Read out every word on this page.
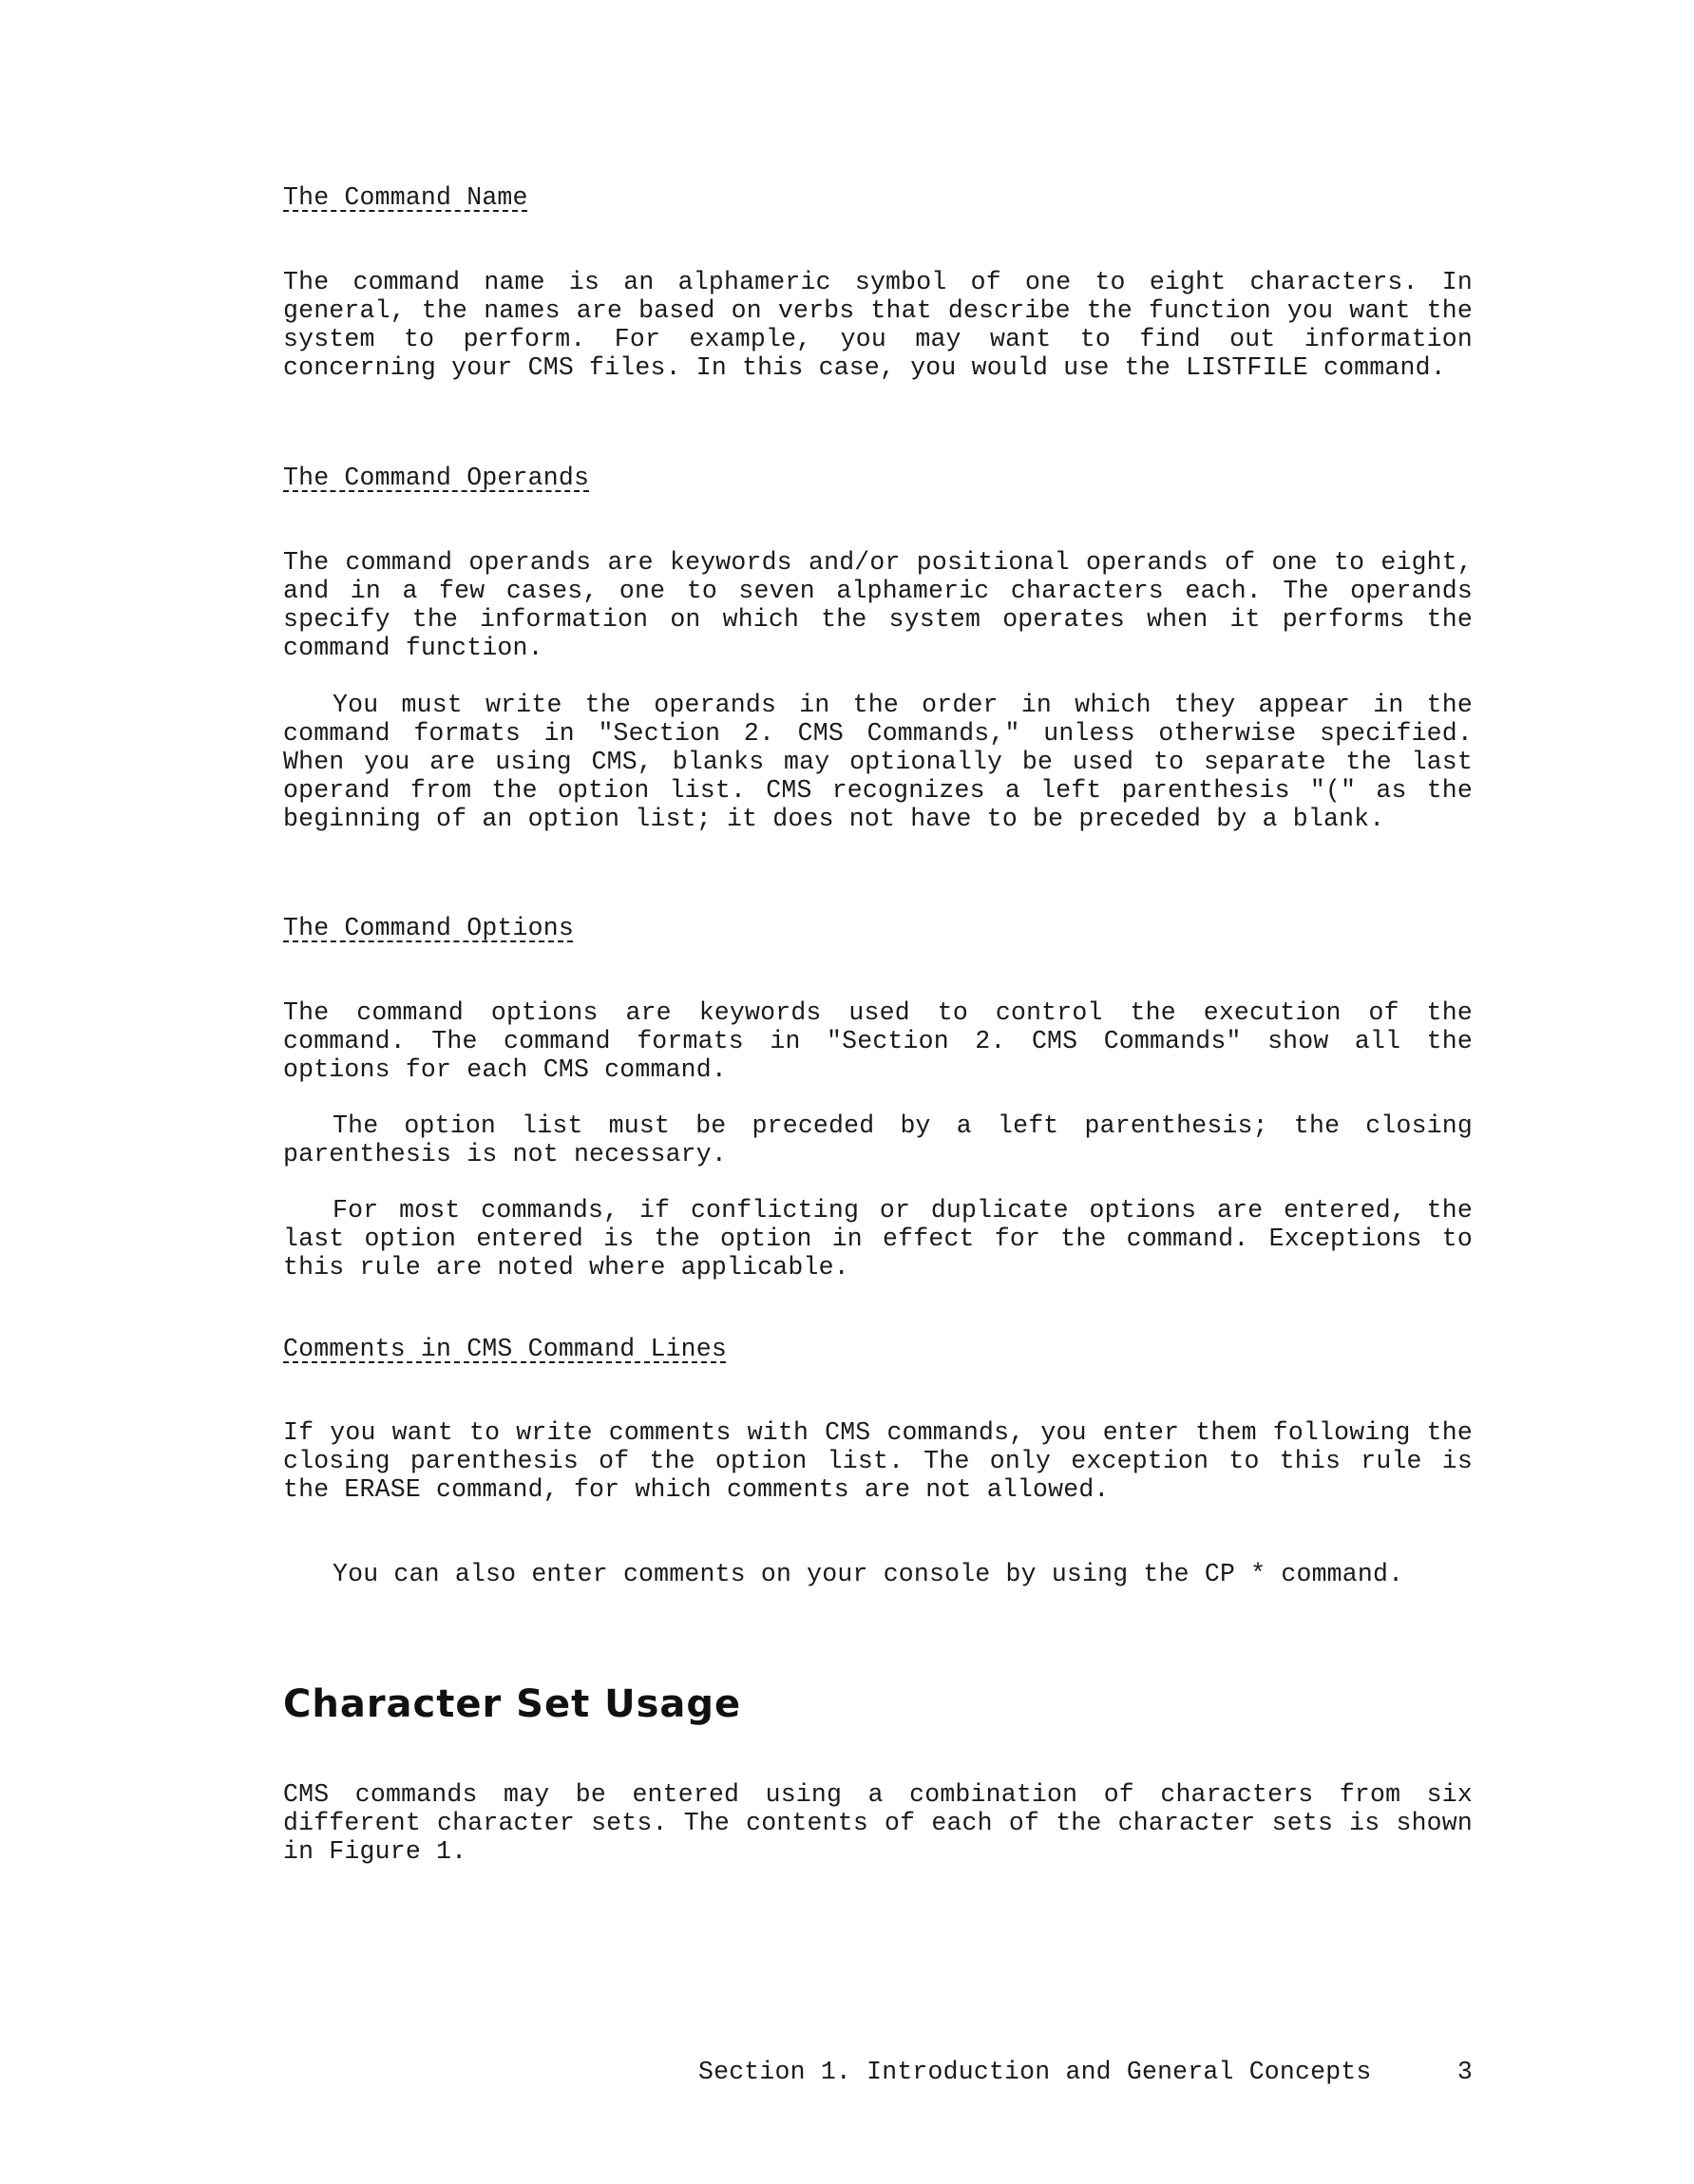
The Command Name

The command name is an alphameric symbol of one to eight characters. In general, the names are based on verbs that describe the function you want the system to perform. For example, you may want to find out information concerning your CMS files. In this case, you would use the LISTFILE command.

The Command Operands

The command operands are keywords and/or positional operands of one to eight, and in a few cases, one to seven alphameric characters each. The operands specify the information on which the system operates when it performs the command function.

You must write the operands in the order in which they appear in the command formats in "Section 2. CMS Commands," unless otherwise specified. When you are using CMS, blanks may optionally be used to separate the last operand from the option list. CMS recognizes a left parenthesis "(" as the beginning of an option list; it does not have to be preceded by a blank.

The Command Options

The command options are keywords used to control the execution of the command. The command formats in "Section 2. CMS Commands" show all the options for each CMS command.

The option list must be preceded by a left parenthesis; the closing parenthesis is not necessary.

For most commands, if conflicting or duplicate options are entered, the last option entered is the option in effect for the command. Exceptions to this rule are noted where applicable.

Comments in CMS Command Lines

If you want to write comments with CMS commands, you enter them following the closing parenthesis of the option list. The only exception to this rule is the ERASE command, for which comments are not allowed.

You can also enter comments on your console by using the CP * command.

Character Set Usage

CMS commands may be entered using a combination of characters from six different character sets. The contents of each of the character sets is shown in Figure 1.

Section 1. Introduction and General Concepts	3
